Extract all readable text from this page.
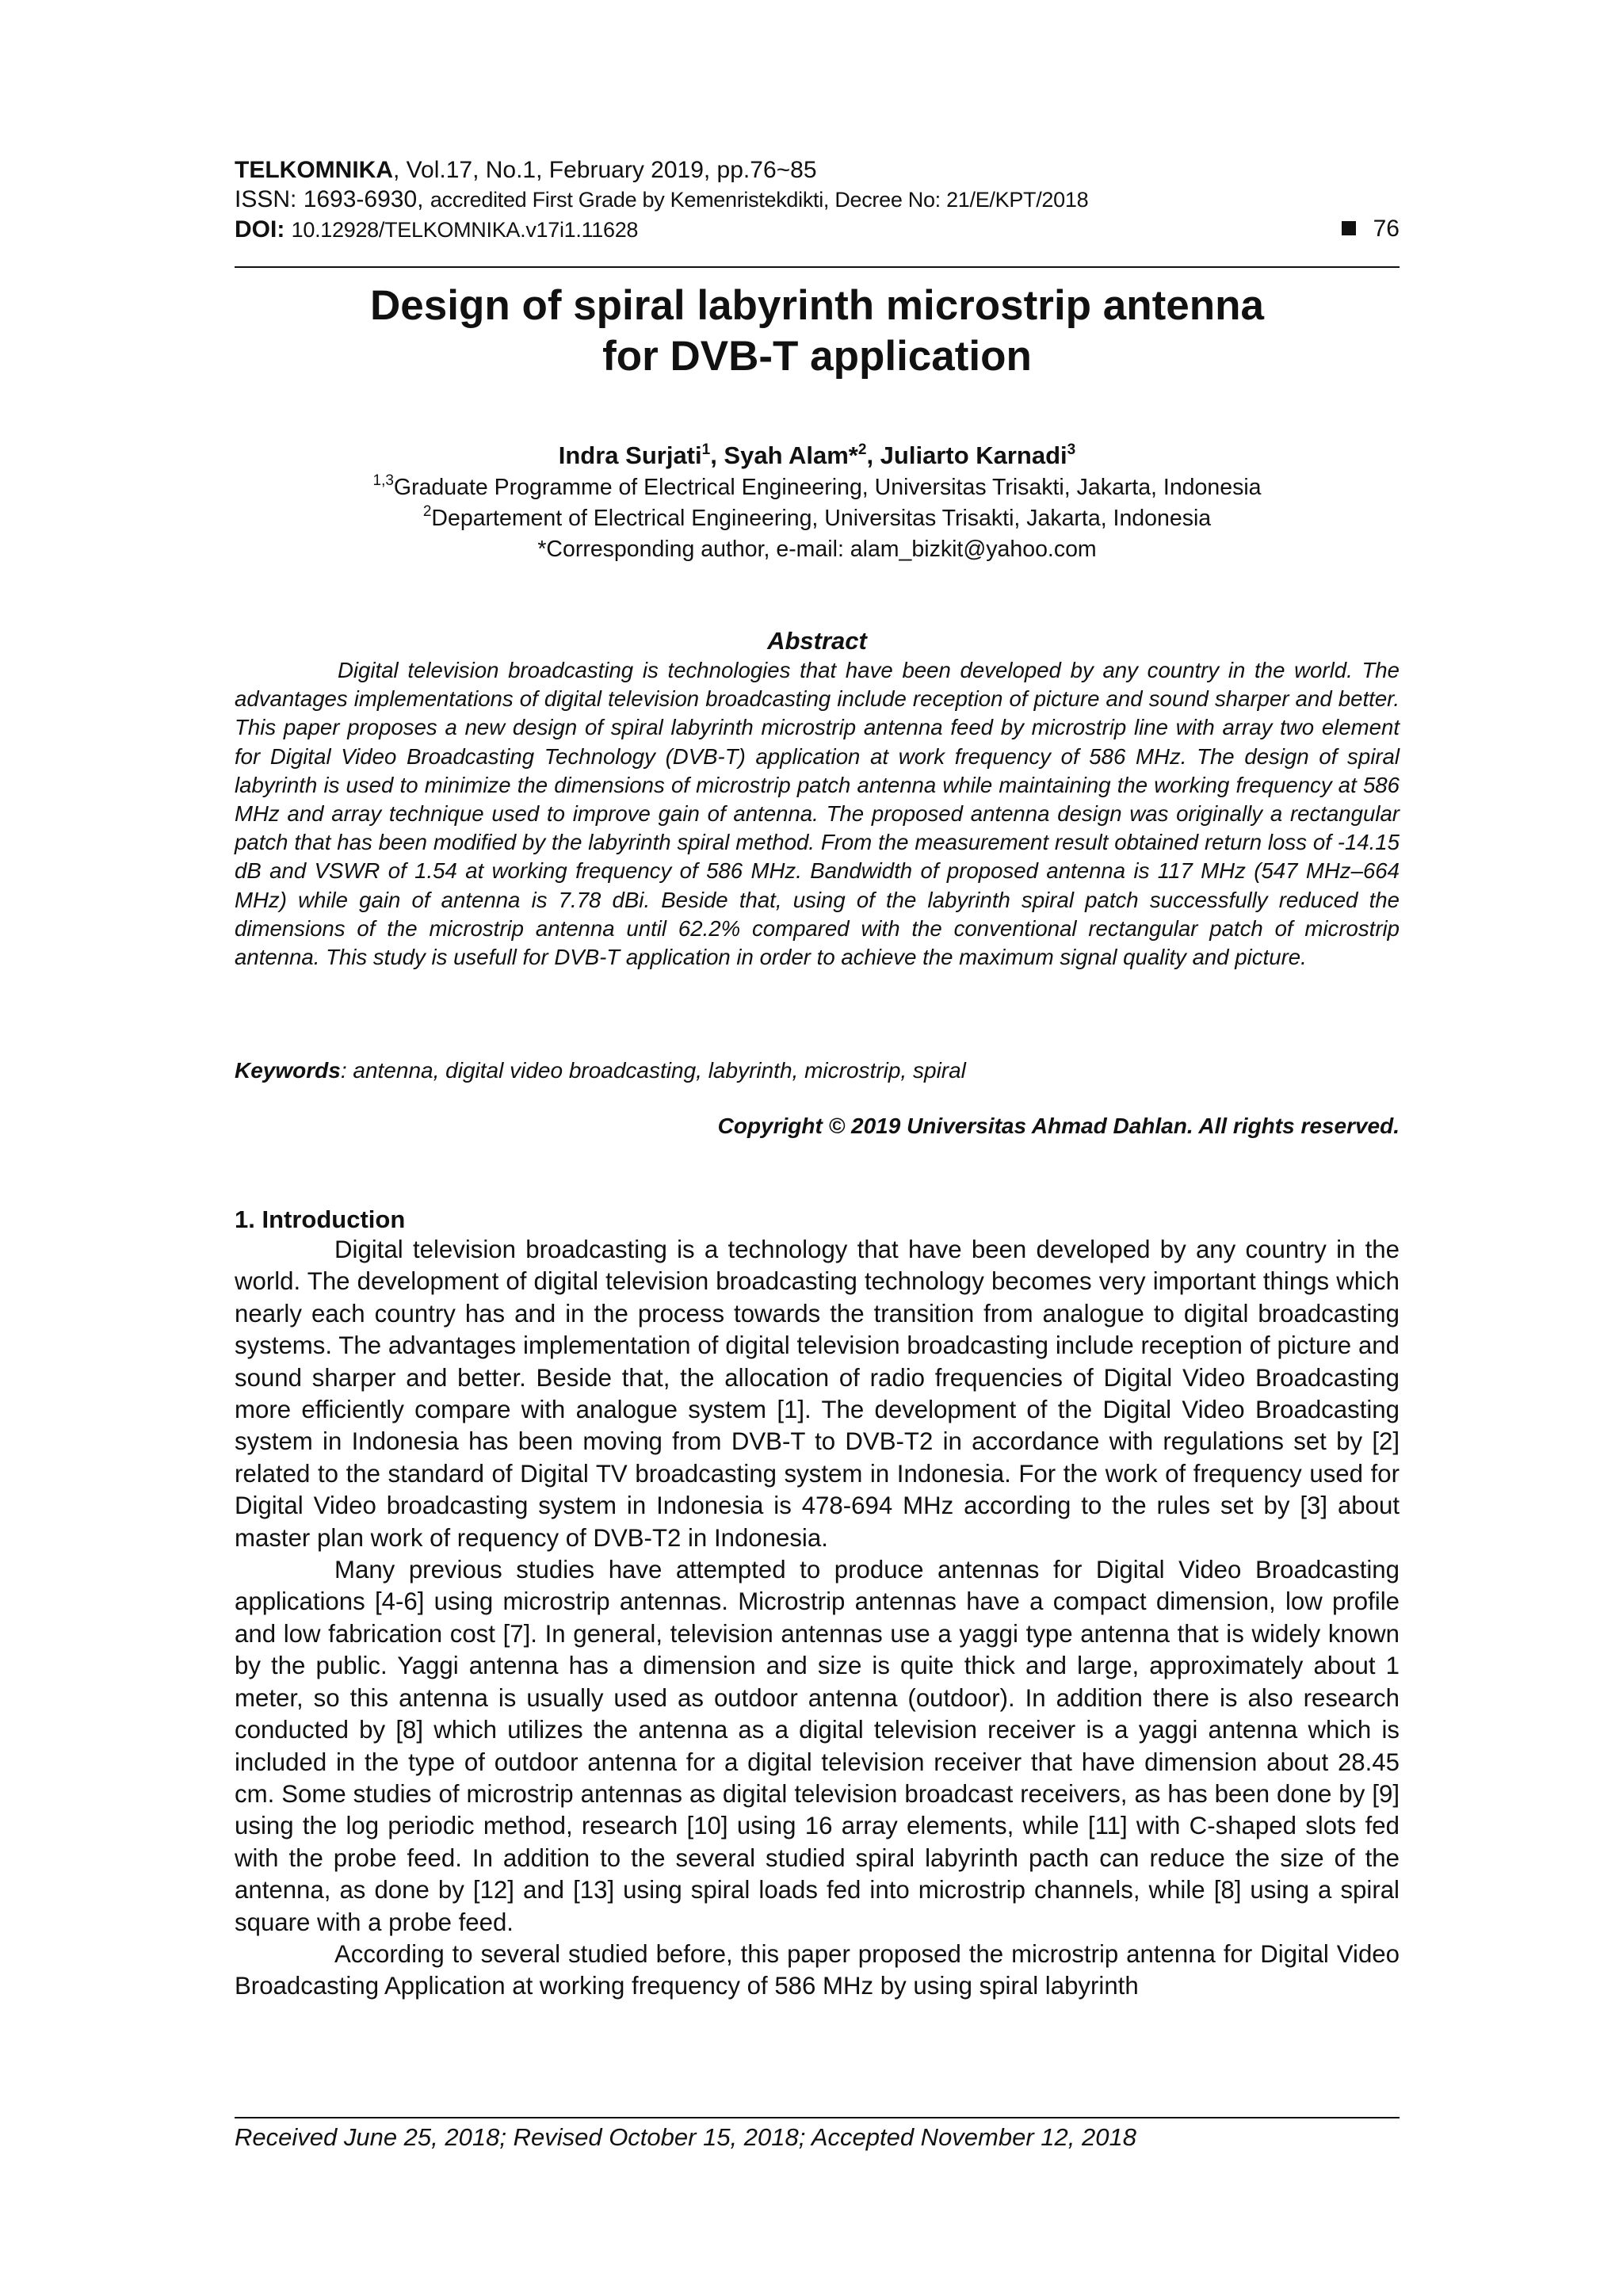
TELKOMNIKA, Vol.17, No.1, February 2019, pp.76~85
ISSN: 1693-6930, accredited First Grade by Kemenristekdikti, Decree No: 21/E/KPT/2018
DOI: 10.12928/TELKOMNIKA.v17i1.11628	76
Design of spiral labyrinth microstrip antenna
for DVB-T application
Indra Surjati$^1$, Syah Alam*$^2$, Juliarto Karnadi$^3$
$^{1,3}$Graduate Programme of Electrical Engineering, Universitas Trisakti, Jakarta, Indonesia
$^2$Departement of Electrical Engineering, Universitas Trisakti, Jakarta, Indonesia
*Corresponding author, e-mail: alam_bizkit@yahoo.com
Abstract

Digital television broadcasting is technologies that have been developed by any country in the world. The advantages implementations of digital television broadcasting include reception of picture and sound sharper and better. This paper proposes a new design of spiral labyrinth microstrip antenna feed by microstrip line with array two element for Digital Video Broadcasting Technology (DVB-T) application at work frequency of 586 MHz. The design of spiral labyrinth is used to minimize the dimensions of microstrip patch antenna while maintaining the working frequency at 586 MHz and array technique used to improve gain of antenna. The proposed antenna design was originally a rectangular patch that has been modified by the labyrinth spiral method. From the measurement result obtained return loss of -14.15 dB and VSWR of 1.54 at working frequency of 586 MHz. Bandwidth of proposed antenna is 117 MHz (547 MHz–664 MHz) while gain of antenna is 7.78 dBi. Beside that, using of the labyrinth spiral patch successfully reduced the dimensions of the microstrip antenna until 62.2% compared with the conventional rectangular patch of microstrip antenna. This study is usefull for DVB-T application in order to achieve the maximum signal quality and picture.

Keywords: antenna, digital video broadcasting, labyrinth, microstrip, spiral
Copyright © 2019 Universitas Ahmad Dahlan. All rights reserved.
1. Introduction

Digital television broadcasting is a technology that have been developed by any country in the world. The development of digital television broadcasting technology becomes very important things which nearly each country has and in the process towards the transition from analogue to digital broadcasting systems. The advantages implementation of digital television broadcasting include reception of picture and sound sharper and better. Beside that, the allocation of radio frequencies of Digital Video Broadcasting more efficiently compare with analogue system [1]. The development of the Digital Video Broadcasting system in Indonesia has been moving from DVB-T to DVB-T2 in accordance with regulations set by [2] related to the standard of Digital TV broadcasting system in Indonesia. For the work of frequency used for Digital Video broadcasting system in Indonesia is 478-694 MHz according to the rules set by [3] about master plan work of requency of DVB-T2 in Indonesia.

Many previous studies have attempted to produce antennas for Digital Video Broadcasting applications [4-6] using microstrip antennas. Microstrip antennas have a compact dimension, low profile and low fabrication cost [7]. In general, television antennas use a yaggi type antenna that is widely known by the public. Yaggi antenna has a dimension and size is quite thick and large, approximately about 1 meter, so this antenna is usually used as outdoor antenna (outdoor). In addition there is also research conducted by [8] which utilizes the antenna as a digital television receiver is a yaggi antenna which is included in the type of outdoor antenna for a digital television receiver that have dimension about 28.45 cm. Some studies of microstrip antennas as digital television broadcast receivers, as has been done by [9] using the log periodic method, research [10] using 16 array elements, while [11] with C-shaped slots fed with the probe feed. In addition to the several studied spiral labyrinth pacth can reduce the size of the antenna, as done by [12] and [13] using spiral loads fed into microstrip channels, while [8] using a spiral square with a probe feed.

According to several studied before, this paper proposed the microstrip antenna for Digital Video Broadcasting Application at working frequency of 586 MHz by using spiral labyrinth

Received June 25, 2018; Revised October 15, 2018; Accepted November 12, 2018
